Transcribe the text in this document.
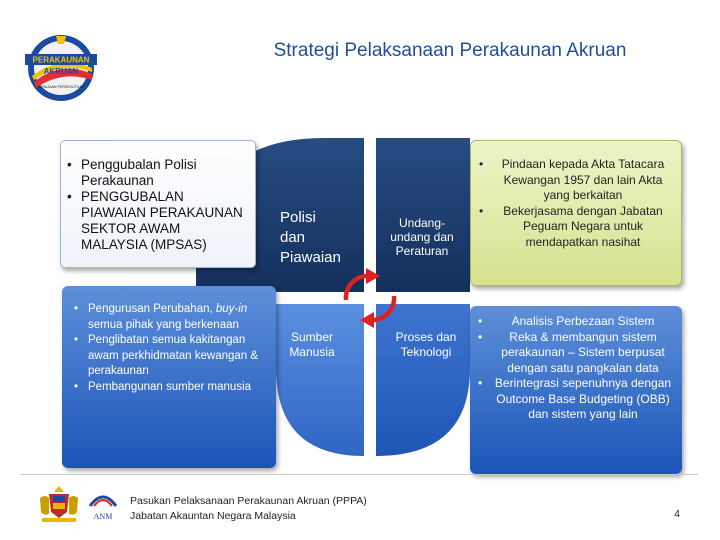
PERAKAUNAN
AKRUAN
KERAJAAN PERSEKUTUAN
Strategi Pelaksanaan Perakaunan Akruan
Polisi
dan
Piawaian
Undang-
undang dan
Peraturan
Sumber
Manusia
Proses dan
Teknologi
• Penggubalan Polisi Perakaunan
• PENGGUBALAN PIAWAIAN PERAKAUNAN SEKTOR AWAM MALAYSIA (MPSAS)
• Pengurusan Perubahan, buy-in semua pihak yang berkenaan
• Penglibatan semua kakitangan awam perkhidmatan kewangan & perakaunan
• Pembangunan sumber manusia
• Pindaan kepada Akta Tatacara Kewangan 1957 dan lain Akta yang berkaitan
• Bekerjasama dengan Jabatan Peguam Negara untuk mendapatkan nasihat
• Analisis Perbezaan Sistem
• Reka & membangun sistem perakaunan – Sistem berpusat dengan satu pangkalan data
• Berintegrasi sepenuhnya dengan Outcome Base Budgeting (OBB) dan sistem yang lain
ANM
Pasukan Pelaksanaan Perakaunan Akruan (PPPA)
Jabatan Akauntan Negara Malaysia	4
